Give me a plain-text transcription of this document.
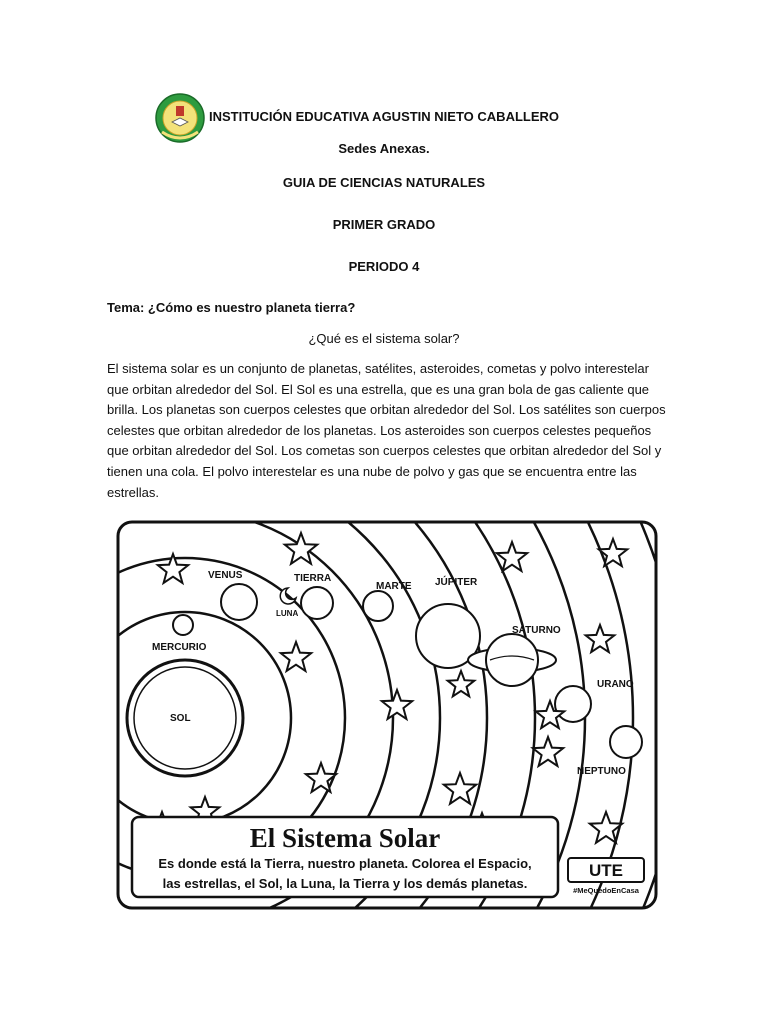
INSTITUCIÓN EDUCATIVA AGUSTIN NIETO CABALLERO
Sedes Anexas.
GUIA DE CIENCIAS NATURALES
PRIMER GRADO
PERIODO 4
Tema: ¿Cómo es nuestro planeta tierra?
¿Qué es el sistema solar?

El sistema solar es un conjunto de planetas, satélites, asteroides, cometas y polvo interestelar que orbitan alrededor del Sol. El Sol es una estrella, que es una gran bola de gas caliente que brilla. Los planetas son cuerpos celestes que orbitan alrededor del Sol. Los satélites son cuerpos celestes que orbitan alrededor de los planetas. Los asteroides son cuerpos celestes pequeños que orbitan alrededor del Sol. Los cometas son cuerpos celestes que orbitan alrededor del Sol y tienen una cola. El polvo interestelar es una nube de polvo y gas que se encuentra entre las estrellas.

SOL
MERCURIO
VENUS	TIERRA
LUNA
MARTE JÚPITER
SATURNO
URANO
NEPTUNO
El Sistema Solar
Es donde está la Tierra, nuestro planeta. Colorea el Espacio,
las estrellas, el Sol, la Luna, la Tierra y los demás planetas.
UTE
#MeQuedoEnCasa
